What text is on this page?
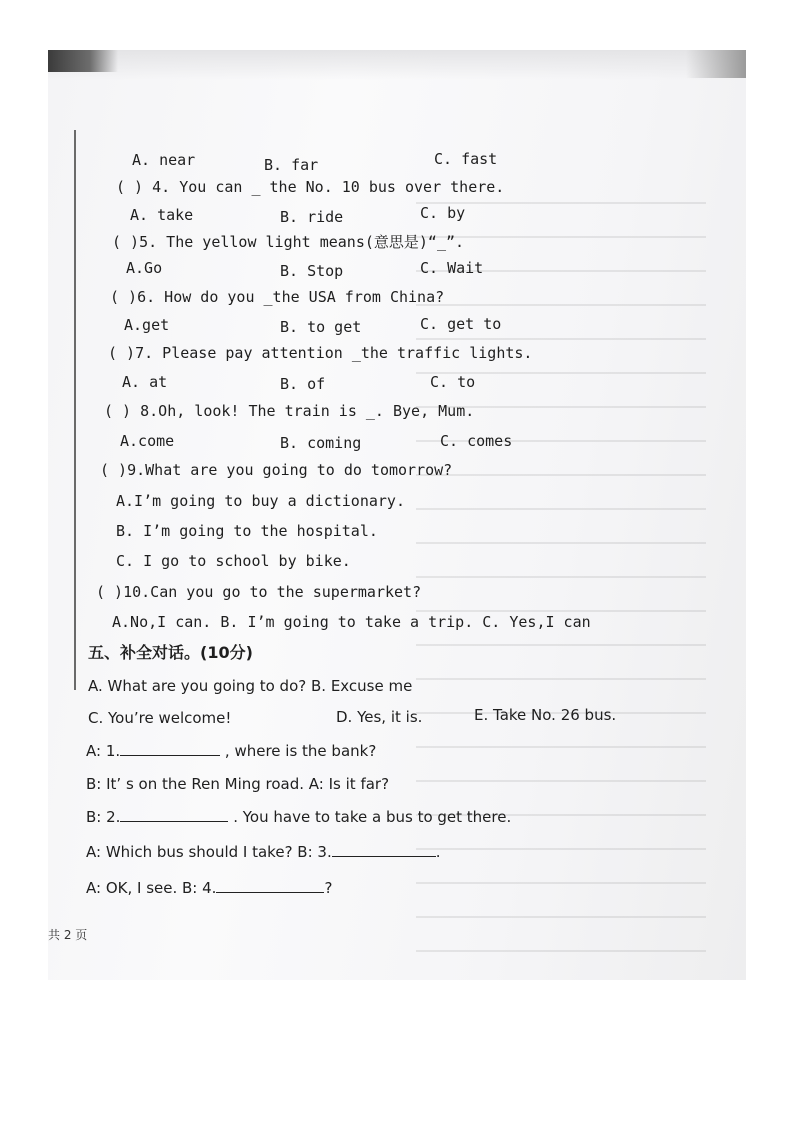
A. near	B. far	C. fast
( ) 4. You can _ the No. 10 bus over there.
A. take	B. ride	C. by
( )5. The yellow light means(意思是)“_”.
A.Go	B. Stop	C. Wait
( )6. How do you _the USA from China?
A.get	B. to get	C. get to
( )7. Please pay attention _the traffic lights.
A. at	B. of	C. to
( ) 8.Oh, look! The train is _. Bye, Mum.
A.come	B. coming	C. comes
( )9.What are you going to do tomorrow?
A.I’m going to buy a dictionary.
B. I’m going to the hospital.
C. I go to school by bike.
( )10.Can you go to the supermarket?
A.No,I can. B. I’m going to take a trip. C. Yes,I can
五、补全对话。(10分)
A. What are you going to do? B. Excuse me
C. You’re welcome!	D. Yes, it is.	E. Take No. 26 bus.
A: 1.	, where is the bank?
B: It’ s on the Ren Ming road. A: Is it far?
B: 2.	. You have to take a bus to get there.
A: Which bus should I take? B: 3.	.
A: OK, I see. B: 4.	?
共 2 页
